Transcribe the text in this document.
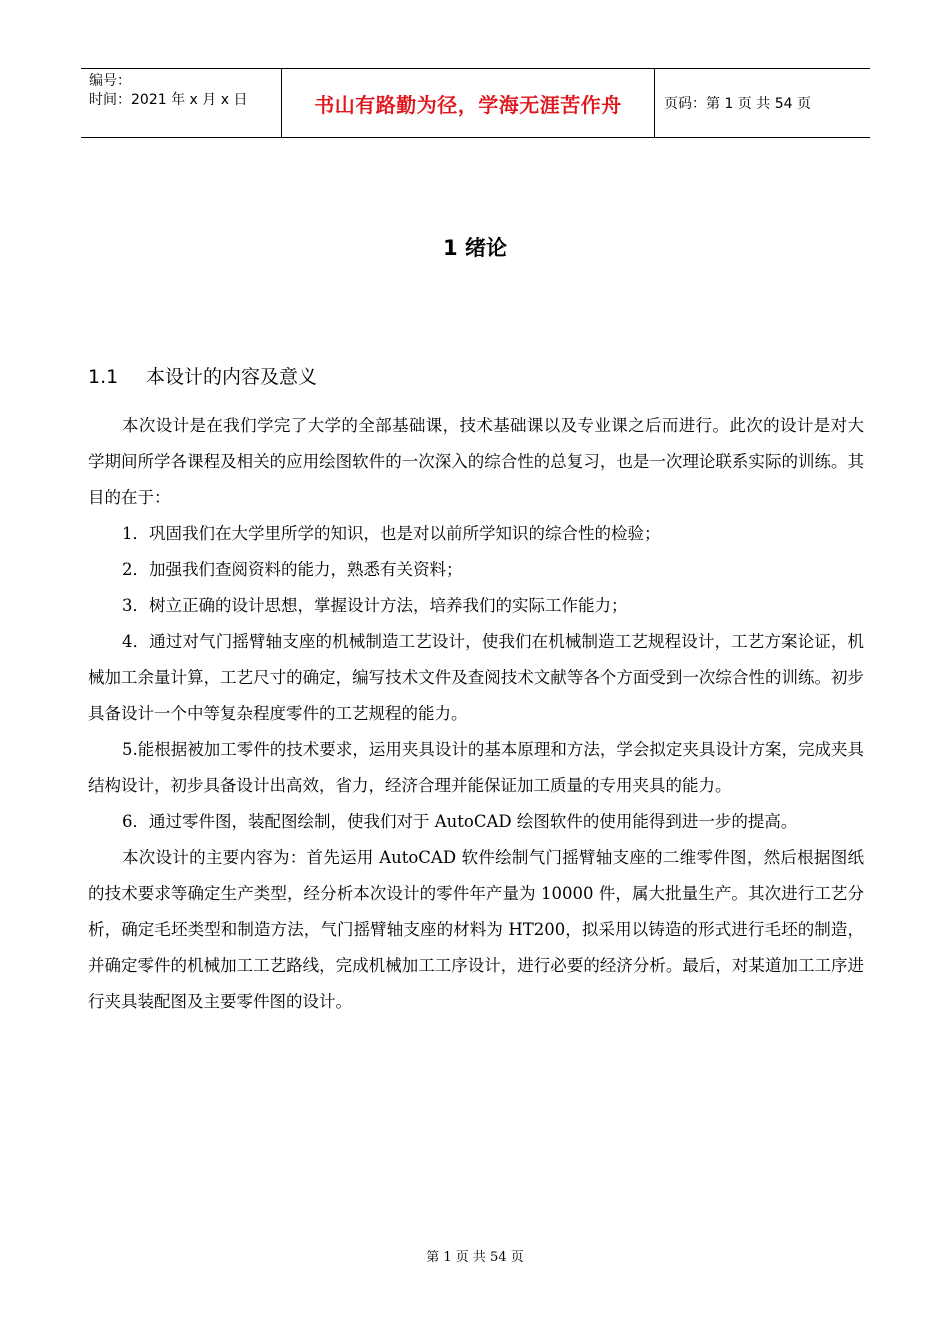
编号：
时间：2021 年 x 月 x 日	书山有路勤为径，学海无涯苦作舟	页码：第 1 页 共 54 页
1 绪论
1.1 本设计的内容及意义

本次设计是在我们学完了大学的全部基础课，技术基础课以及专业课之后而进行。此次的设计是对大学期间所学各课程及相关的应用绘图软件的一次深入的综合性的总复习，也是一次理论联系实际的训练。其目的在于：

1．巩固我们在大学里所学的知识，也是对以前所学知识的综合性的检验；

2．加强我们查阅资料的能力，熟悉有关资料；

3．树立正确的设计思想，掌握设计方法，培养我们的实际工作能力；

4．通过对气门摇臂轴支座的机械制造工艺设计，使我们在机械制造工艺规程设计，工艺方案论证，机械加工余量计算，工艺尺寸的确定，编写技术文件及查阅技术文献等各个方面受到一次综合性的训练。初步具备设计一个中等复杂程度零件的工艺规程的能力。

5.能根据被加工零件的技术要求，运用夹具设计的基本原理和方法，学会拟定夹具设计方案，完成夹具结构设计，初步具备设计出高效，省力，经济合理并能保证加工质量的专用夹具的能力。

6．通过零件图，装配图绘制，使我们对于 AutoCAD 绘图软件的使用能得到进一步的提高。

本次设计的主要内容为：首先运用 AutoCAD 软件绘制气门摇臂轴支座的二维零件图，然后根据图纸的技术要求等确定生产类型，经分析本次设计的零件年产量为 10000 件，属大批量生产。其次进行工艺分析，确定毛坯类型和制造方法，气门摇臂轴支座的材料为 HT200，拟采用以铸造的形式进行毛坯的制造，并确定零件的机械加工工艺路线，完成机械加工工序设计，进行必要的经济分析。最后，对某道加工工序进行夹具装配图及主要零件图的设计。

第 1 页 共 54 页
